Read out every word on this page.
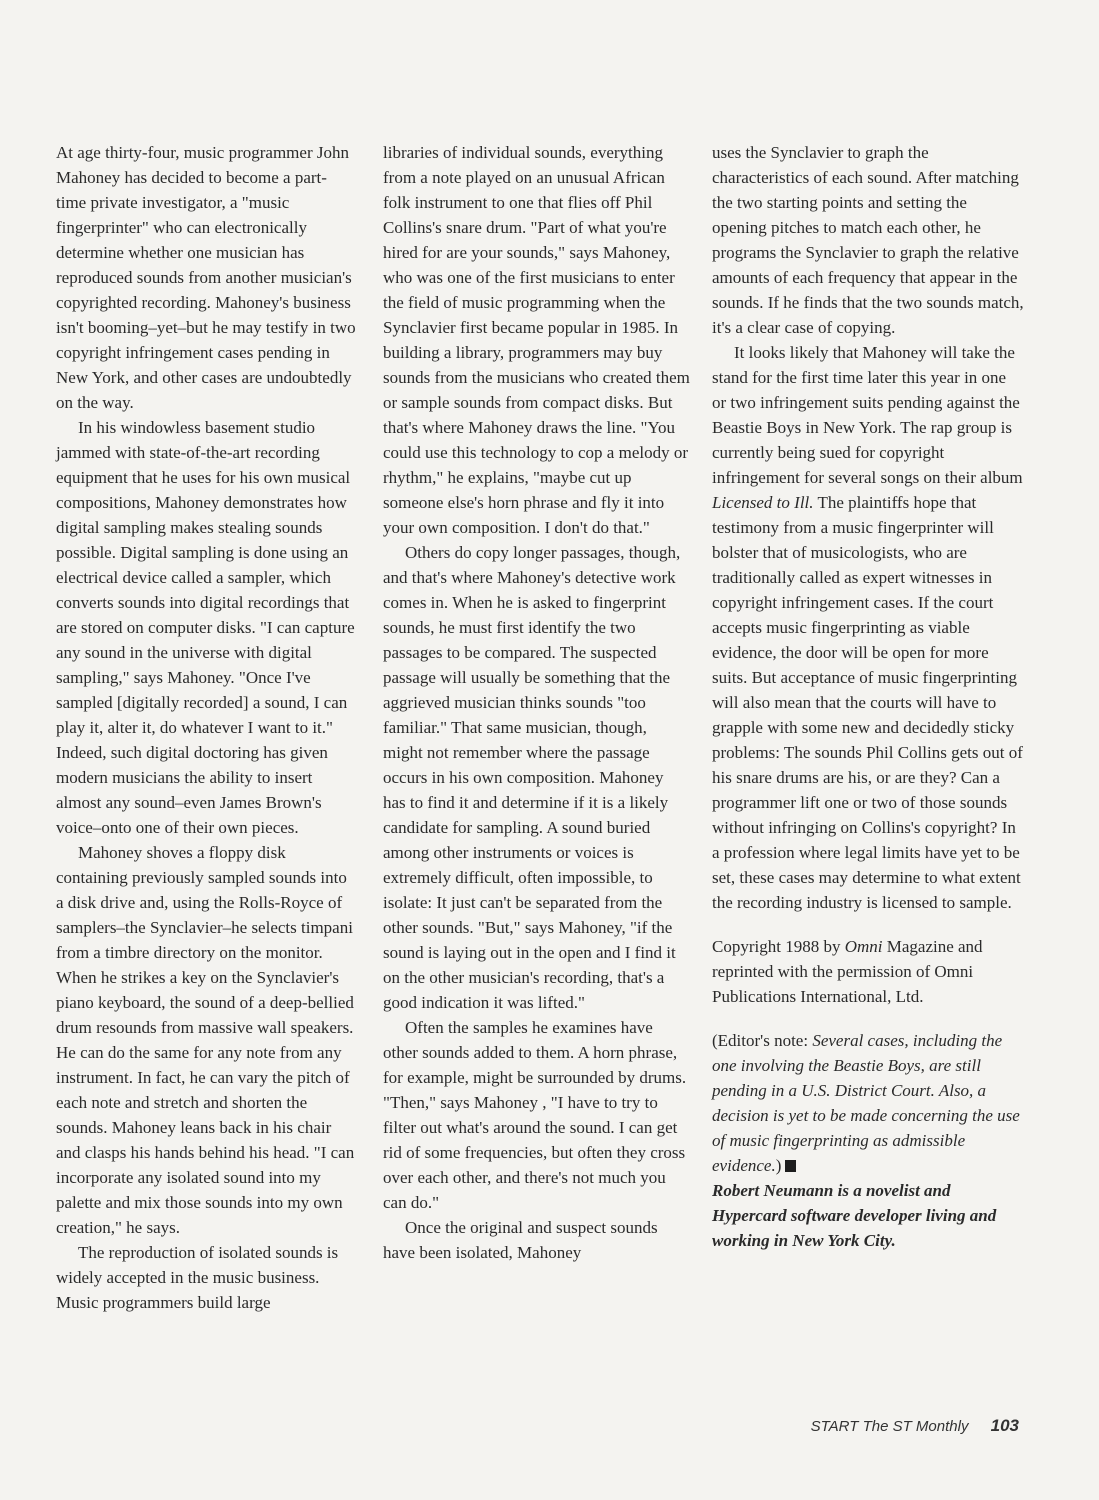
At age thirty-four, music programmer John Mahoney has decided to become a part-time private investigator, a "music fingerprinter" who can electronically determine whether one musician has reproduced sounds from another musician's copyrighted recording. Mahoney's business isn't booming–yet–but he may testify in two copyright infringement cases pending in New York, and other cases are undoubtedly on the way.

In his windowless basement studio jammed with state-of-the-art recording equipment that he uses for his own musical compositions, Mahoney demonstrates how digital sampling makes stealing sounds possible. Digital sampling is done using an electrical device called a sampler, which converts sounds into digital recordings that are stored on computer disks. "I can capture any sound in the universe with digital sampling," says Mahoney. "Once I've sampled [digitally recorded] a sound, I can play it, alter it, do whatever I want to it." Indeed, such digital doctoring has given modern musicians the ability to insert almost any sound–even James Brown's voice–onto one of their own pieces.

Mahoney shoves a floppy disk containing previously sampled sounds into a disk drive and, using the Rolls-Royce of samplers–the Synclavier–he selects timpani from a timbre directory on the monitor. When he strikes a key on the Synclavier's piano keyboard, the sound of a deep-bellied drum resounds from massive wall speakers. He can do the same for any note from any instrument. In fact, he can vary the pitch of each note and stretch and shorten the sounds. Mahoney leans back in his chair and clasps his hands behind his head. "I can incorporate any isolated sound into my palette and mix those sounds into my own creation," he says.

The reproduction of isolated sounds is widely accepted in the music business. Music programmers build large

libraries of individual sounds, everything from a note played on an unusual African folk instrument to one that flies off Phil Collins's snare drum. "Part of what you're hired for are your sounds," says Mahoney, who was one of the first musicians to enter the field of music programming when the Synclavier first became popular in 1985. In building a library, programmers may buy sounds from the musicians who created them or sample sounds from compact disks. But that's where Mahoney draws the line. "You could use this technology to cop a melody or rhythm," he explains, "maybe cut up someone else's horn phrase and fly it into your own composition. I don't do that."

Others do copy longer passages, though, and that's where Mahoney's detective work comes in. When he is asked to fingerprint sounds, he must first identify the two passages to be compared. The suspected passage will usually be something that the aggrieved musician thinks sounds "too familiar." That same musician, though, might not remember where the passage occurs in his own composition. Mahoney has to find it and determine if it is a likely candidate for sampling. A sound buried among other instruments or voices is extremely difficult, often impossible, to isolate: It just can't be separated from the other sounds. "But," says Mahoney, "if the sound is laying out in the open and I find it on the other musician's recording, that's a good indication it was lifted."

Often the samples he examines have other sounds added to them. A horn phrase, for example, might be surrounded by drums. "Then," says Mahoney , "I have to try to filter out what's around the sound. I can get rid of some frequencies, but often they cross over each other, and there's not much you can do."

Once the original and suspect sounds have been isolated, Mahoney

uses the Synclavier to graph the characteristics of each sound. After matching the two starting points and setting the opening pitches to match each other, he programs the Synclavier to graph the relative amounts of each frequency that appear in the sounds. If he finds that the two sounds match, it's a clear case of copying.

It looks likely that Mahoney will take the stand for the first time later this year in one or two infringement suits pending against the Beastie Boys in New York. The rap group is currently being sued for copyright infringement for several songs on their album Licensed to Ill. The plaintiffs hope that testimony from a music fingerprinter will bolster that of musicologists, who are traditionally called as expert witnesses in copyright infringement cases. If the court accepts music fingerprinting as viable evidence, the door will be open for more suits. But acceptance of music fingerprinting will also mean that the courts will have to grapple with some new and decidedly sticky problems: The sounds Phil Collins gets out of his snare drums are his, or are they? Can a programmer lift one or two of those sounds without infringing on Collins's copyright? In a profession where legal limits have yet to be set, these cases may determine to what extent the recording industry is licensed to sample.

Copyright 1988 by Omni Magazine and reprinted with the permission of Omni Publications International, Ltd.

(Editor's note: Several cases, including the one involving the Beastie Boys, are still pending in a U.S. District Court. Also, a decision is yet to be made concerning the use of music fingerprinting as admissible evidence.)

Robert Neumann is a novelist and Hypercard software developer living and working in New York City.

START The ST Monthly 103
